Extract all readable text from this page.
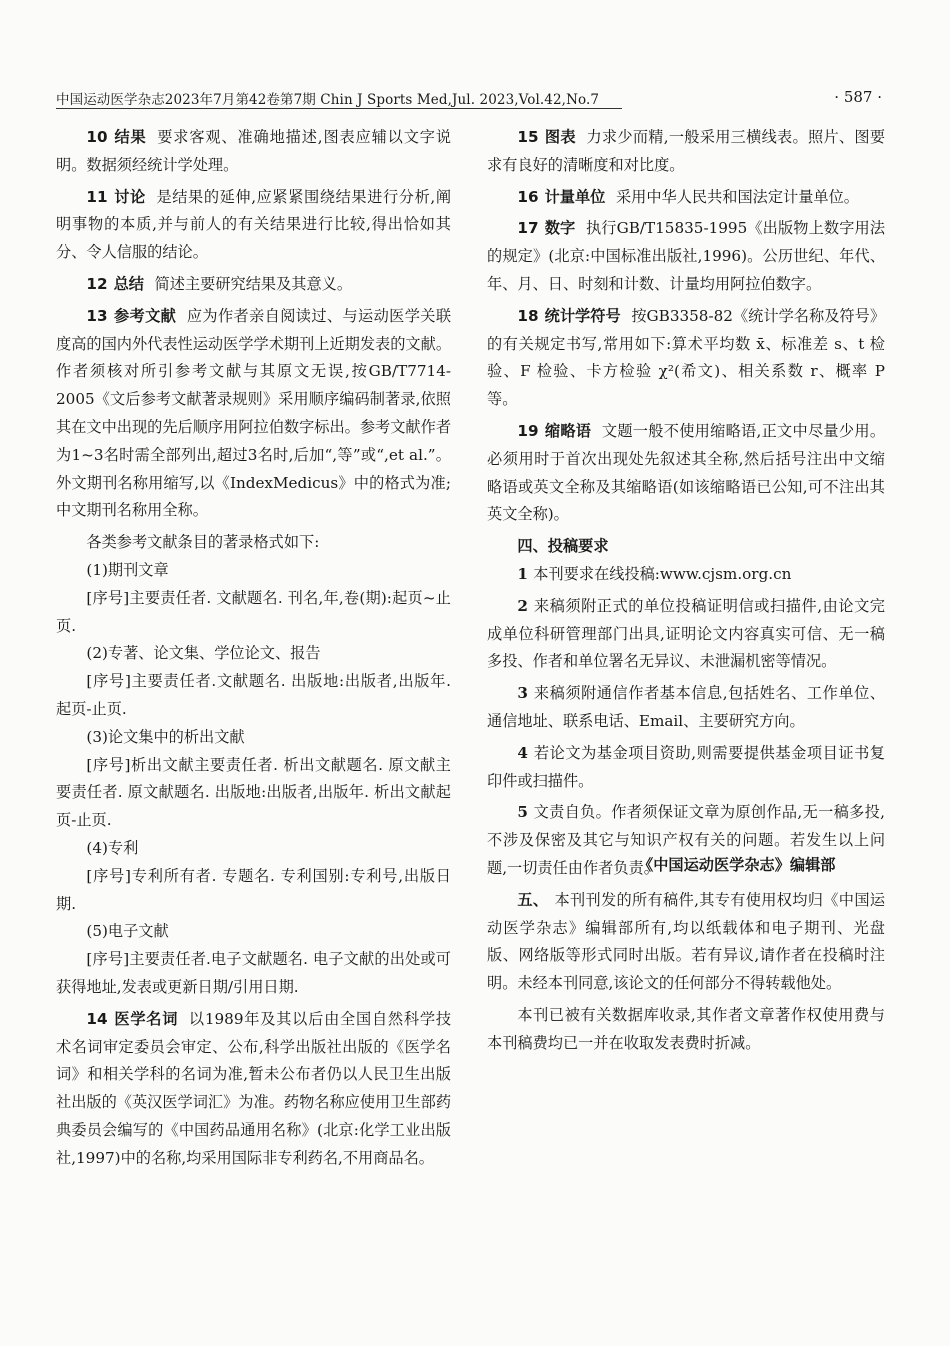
中国运动医学杂志2023年7月第42卷第7期 Chin J Sports Med,Jul. 2023,Vol.42,No.7	· 587 ·

10 结果 要求客观、准确地描述,图表应辅以文字说明。数据须经统计学处理。

11 讨论 是结果的延伸,应紧紧围绕结果进行分析,阐明事物的本质,并与前人的有关结果进行比较,得出恰如其分、令人信服的结论。

12 总结 简述主要研究结果及其意义。

13 参考文献 应为作者亲自阅读过、与运动医学关联度高的国内外代表性运动医学学术期刊上近期发表的文献。作者须核对所引参考文献与其原文无误,按GB/T7714-2005《文后参考文献著录规则》采用顺序编码制著录,依照其在文中出现的先后顺序用阿拉伯数字标出。参考文献作者为1~3名时需全部列出,超过3名时,后加“,等”或“,et al.”。外文期刊名称用缩写,以《IndexMedicus》中的格式为准;中文期刊名称用全称。

各类参考文献条目的著录格式如下:

(1)期刊文章

[序号]主要责任者. 文献题名. 刊名,年,卷(期):起页~止页.

(2)专著、论文集、学位论文、报告

[序号]主要责任者.文献题名. 出版地:出版者,出版年. 起页-止页.

(3)论文集中的析出文献

[序号]析出文献主要责任者. 析出文献题名. 原文献主要责任者. 原文献题名. 出版地:出版者,出版年. 析出文献起页-止页.

(4)专利

[序号]专利所有者. 专题名. 专利国别:专利号,出版日期.

(5)电子文献

[序号]主要责任者.电子文献题名. 电子文献的出处或可获得地址,发表或更新日期/引用日期.

14 医学名词 以1989年及其以后由全国自然科学技术名词审定委员会审定、公布,科学出版社出版的《医学名词》和相关学科的名词为准,暂未公布者仍以人民卫生出版社出版的《英汉医学词汇》为准。药物名称应使用卫生部药典委员会编写的《中国药品通用名称》(北京:化学工业出版社,1997)中的名称,均采用国际非专利药名,不用商品名。

15 图表 力求少而精,一般采用三横线表。照片、图要求有良好的清晰度和对比度。

16 计量单位 采用中华人民共和国法定计量单位。

17 数字 执行GB/T15835-1995《出版物上数字用法的规定》(北京:中国标准出版社,1996)。公历世纪、年代、年、月、日、时刻和计数、计量均用阿拉伯数字。

18 统计学符号 按GB3358-82《统计学名称及符号》的有关规定书写,常用如下:算术平均数 x̄、标准差 s、t 检验、F 检验、卡方检验 χ²(希文)、相关系数 r、概率 P 等。

19 缩略语 文题一般不使用缩略语,正文中尽量少用。必须用时于首次出现处先叙述其全称,然后括号注出中文缩略语或英文全称及其缩略语(如该缩略语已公知,可不注出其英文全称)。

四、投稿要求

1 本刊要求在线投稿:www.cjsm.org.cn

2 来稿须附正式的单位投稿证明信或扫描件,由论文完成单位科研管理部门出具,证明论文内容真实可信、无一稿多投、作者和单位署名无异议、未泄漏机密等情况。

3 来稿须附通信作者基本信息,包括姓名、工作单位、通信地址、联系电话、Email、主要研究方向。

4 若论文为基金项目资助,则需要提供基金项目证书复印件或扫描件。

5 文责自负。作者须保证文章为原创作品,无一稿多投,不涉及保密及其它与知识产权有关的问题。若发生以上问题,一切责任由作者负责。

五、 本刊刊发的所有稿件,其专有使用权均归《中国运动医学杂志》编辑部所有,均以纸载体和电子期刊、光盘版、网络版等形式同时出版。若有异议,请作者在投稿时注明。未经本刊同意,该论文的任何部分不得转载他处。

本刊已被有关数据库收录,其作者文章著作权使用费与本刊稿费均已一并在收取发表费时折减。

《中国运动医学杂志》编辑部
